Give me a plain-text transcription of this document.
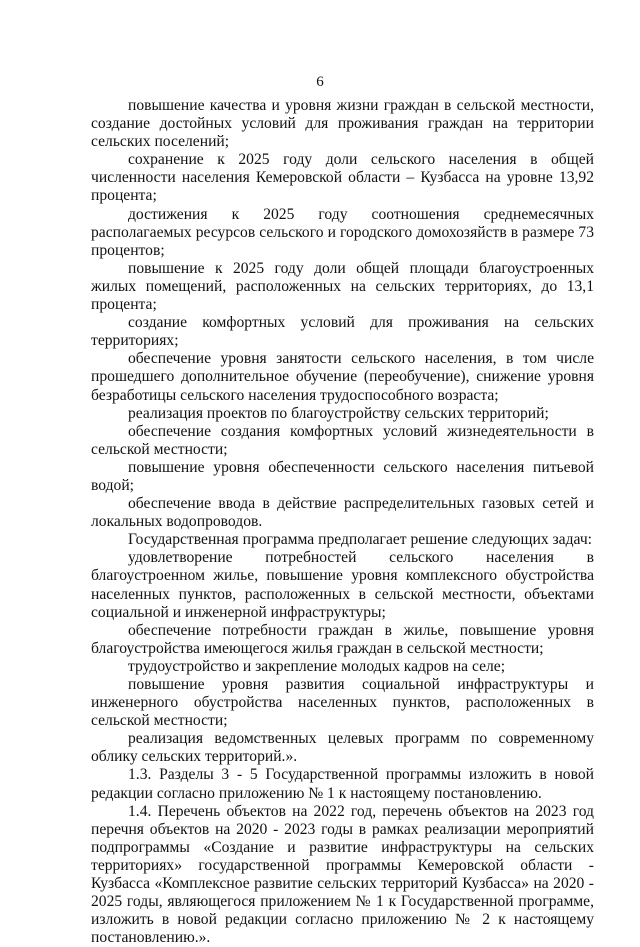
6

повышение качества и уровня жизни граждан в сельской местности, создание достойных условий для проживания граждан на территории сельских поселений;

сохранение к 2025 году доли сельского населения в общей численности населения Кемеровской области – Кузбасса на уровне 13,92 процента;

достижения к 2025 году соотношения среднемесячных располагаемых ресурсов сельского и городского домохозяйств в размере 73 процентов;

повышение к 2025 году доли общей площади благоустроенных жилых помещений, расположенных на сельских территориях, до 13,1 процента;

создание комфортных условий для проживания на сельских территориях;

обеспечение уровня занятости сельского населения, в том числе прошедшего дополнительное обучение (переобучение), снижение уровня безработицы сельского населения трудоспособного возраста;

реализация проектов по благоустройству сельских территорий;

обеспечение создания комфортных условий жизнедеятельности в сельской местности;

повышение уровня обеспеченности сельского населения питьевой водой;

обеспечение ввода в действие распределительных газовых сетей и локальных водопроводов.

Государственная программа предполагает решение следующих задач:

удовлетворение потребностей сельского населения в благоустроенном жилье, повышение уровня комплексного обустройства населенных пунктов, расположенных в сельской местности, объектами социальной и инженерной инфраструктуры;

обеспечение потребности граждан в жилье, повышение уровня благоустройства имеющегося жилья граждан в сельской местности;

трудоустройство и закрепление молодых кадров на селе;

повышение уровня развития социальной инфраструктуры и инженерного обустройства населенных пунктов, расположенных в сельской местности;

реализация ведомственных целевых программ по современному облику сельских территорий.».

1.3. Разделы 3 - 5 Государственной программы изложить в новой редакции согласно приложению № 1 к настоящему постановлению.

1.4. Перечень объектов на 2022 год, перечень объектов на 2023 год перечня объектов на 2020 - 2023 годы в рамках реализации мероприятий подпрограммы «Создание и развитие инфраструктуры на сельских территориях» государственной программы Кемеровской области - Кузбасса «Комплексное развитие сельских территорий Кузбасса» на 2020 - 2025 годы, являющегося приложением № 1 к Государственной программе, изложить в новой редакции согласно приложению № 2 к настоящему постановлению.».
